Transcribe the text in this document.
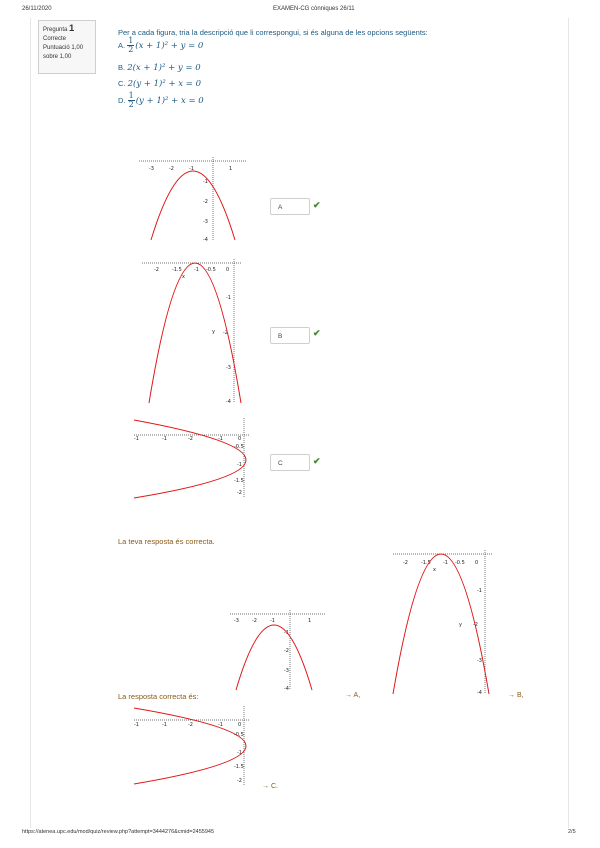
26/11/2020	EXAMEN-CG cònniques 26/11
Pregunta 1
Correcte
Puntuació 1,00
sobre 1,00
Per a cada figura, tria la descripció que li correspongui, si és alguna de les opcions següents:
A. $\frac{1}{2} (x + 1)^2 + y = 0$
B. 2(x + 1)² + y = 0
C. 2(y + 1)² + x = 0
D. $\frac{1}{2} (y + 1)^2 + x = 0$
-3	-2	-1	1
-1
-2
-3
-4
A	✔
-2	-1.5 -1 -0.5 0
x
-1
y -2
-3
-4
B	✔
-1	-1	-2	-1	0
-0.5
-1
-1.5
-2
C	✔
La teva resposta és correcta.
-3	-2	-1	1
-1
-2
-3
-4
-2	-1.5 -1 -0.5 0
x
-1
y -2
-3
-4
La resposta correcta és:
-1	-1	-2	-1	0
-0.5
-1
-1.5
-2
→ A,	→ B,
→ C.
https://atenea.upc.edu/mod/quiz/review.php?attempt=3444276&cmid=2455945	2/5
